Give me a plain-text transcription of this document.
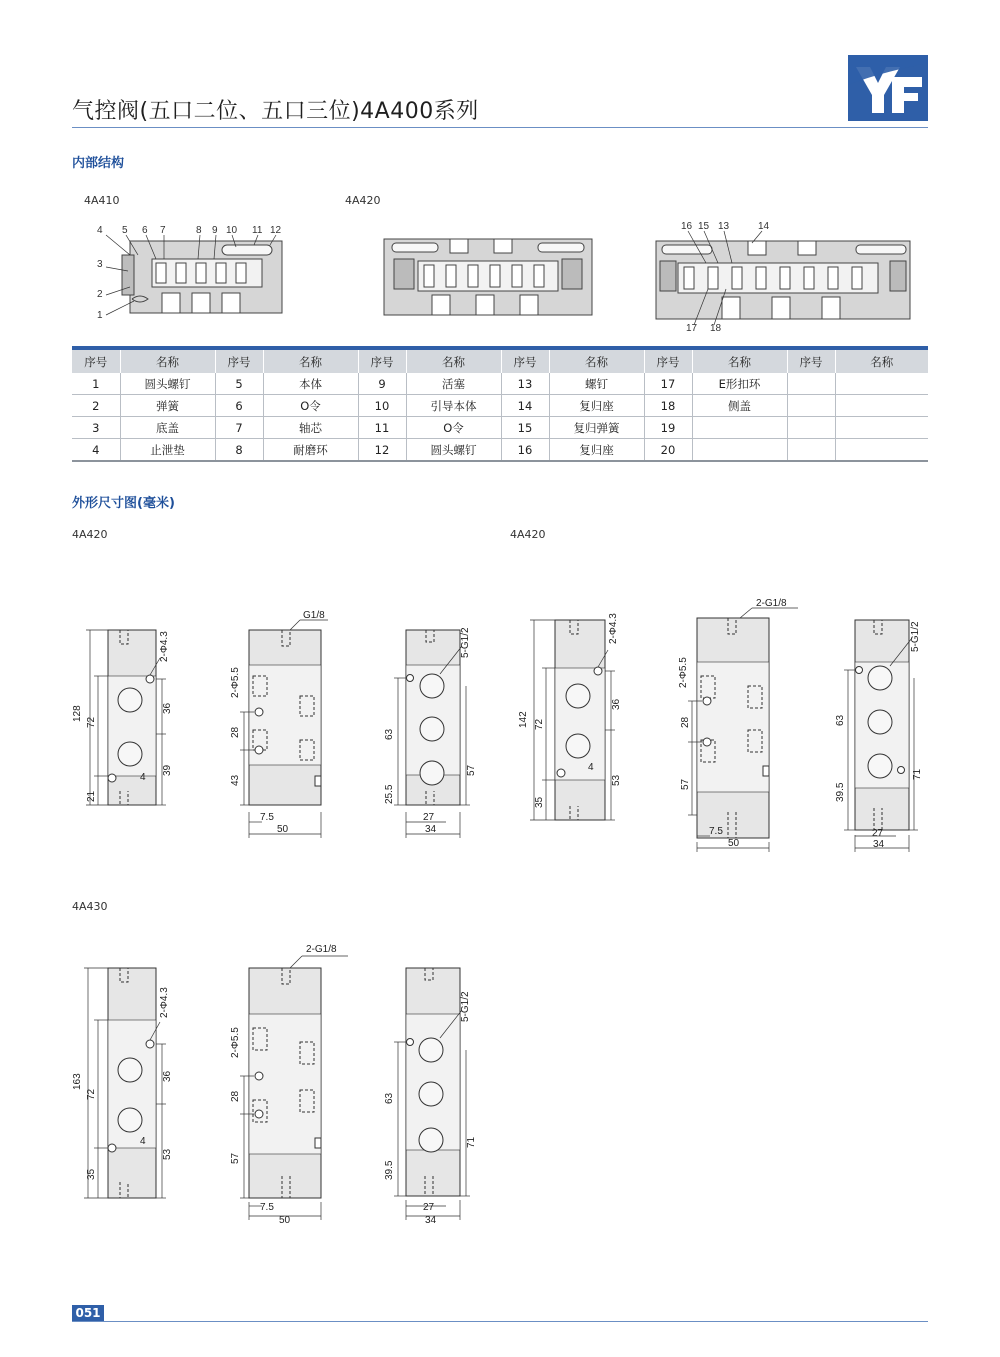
气控阀(五口二位、五口三位)4A400系列
内部结构
4A410	4A420
4 5 6 7	8 9 10 11 12
3
2
1
16 15 13	14
17 18
序号	名称	序号	名称	序号	名称	序号	名称	序号	名称	序号	名称
1	圆头螺钉	5	本体	9	活塞	13	螺钉	17	E形扣环		
2	弹簧	6	O令	10	引导本体	14	复归座	18	侧盖		
3	底盖	7	轴芯	11	O令	15	复归弹簧	19			
4	止泄垫	8	耐磨环	12	圆头螺钉	16	复归座	20			
外形尺寸图(毫米)
4A420	4A420
4A430
128
72
21
36
39
4
2-Φ4.3
G1/8
28
43
7.5
50
2-Φ5.5
63
25.5
57
27
34
5-G1/2
142 72
35
36
53
4
2-Φ4.3
2-G1/8
28
57
7.5
50
2-Φ5.5
63
39.5
71
27
34
5-G1/2
163
72
35
36
53
4
2-Φ4.3
2-G1/8
28
57
7.5
50
2-Φ5.5
63
39.5
71
27
34
5-G1/2
051
